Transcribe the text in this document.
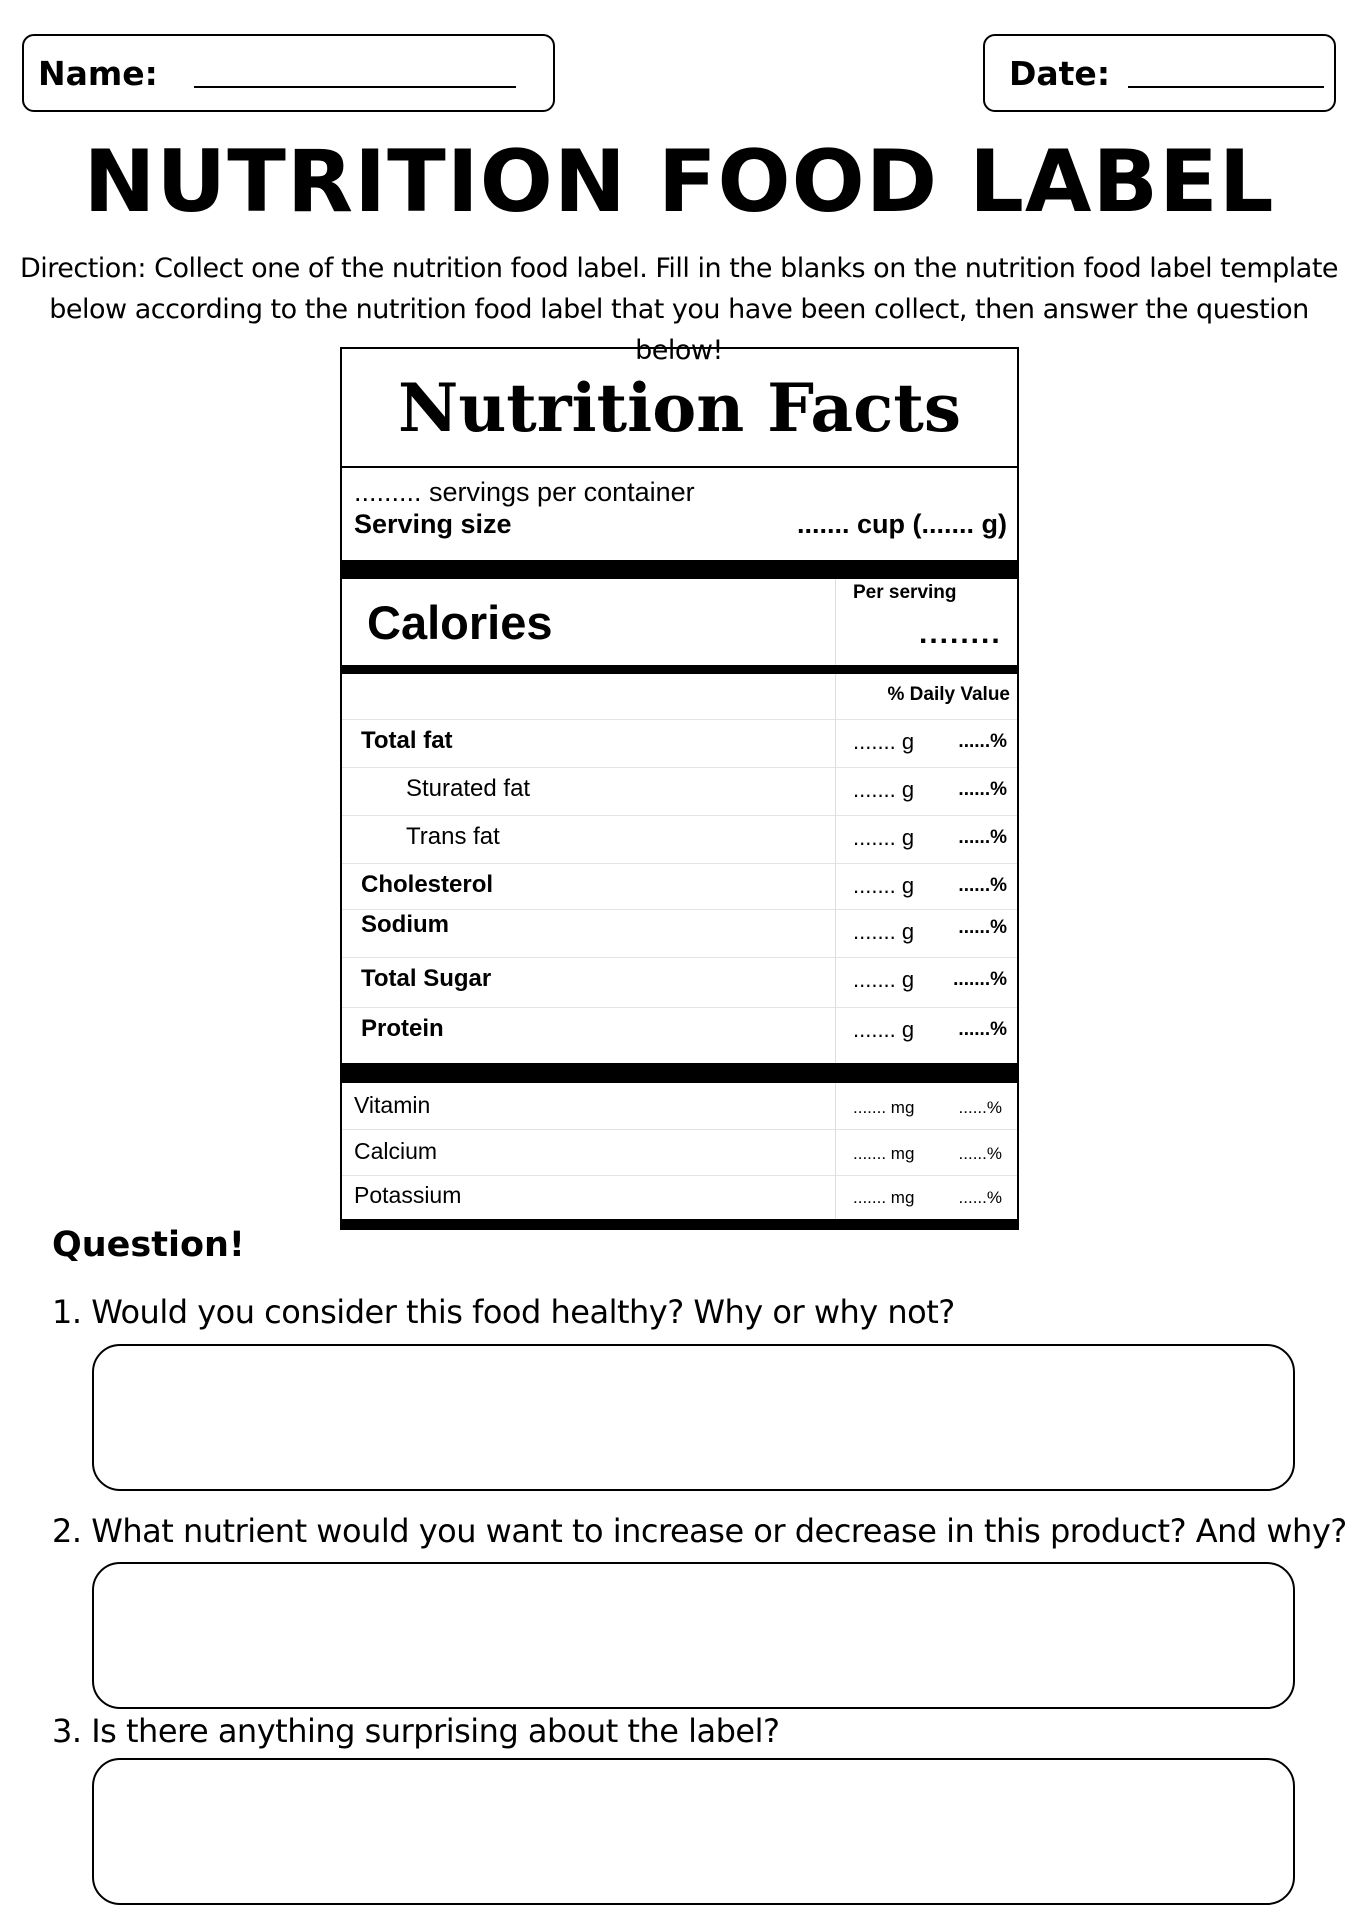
Name:	Date:
NUTRITION FOOD LABEL
Direction: Collect one of the nutrition food label. Fill in the blanks on the nutrition food label template below according to the nutrition food label that you have been collect, then answer the question below!
Nutrition Facts
......... servings per container
Serving size	....... cup (....... g)
Calories
Per serving
........
% Daily Value
Total fat	....... g ......%
Sturated fat	....... g ......%
Trans fat	....... g ......%
Cholesterol	....... g ......%
Sodium	....... g ......%
Total Sugar	....... g .......%
Protein	....... g ......%
Vitamin	....... mg	......%
Calcium	....... mg	......%
Potassium	....... mg	......%
Question!
1. Would you consider this food healthy? Why or why not?
2. What nutrient would you want to increase or decrease in this product? And why?
3. Is there anything surprising about the label?
